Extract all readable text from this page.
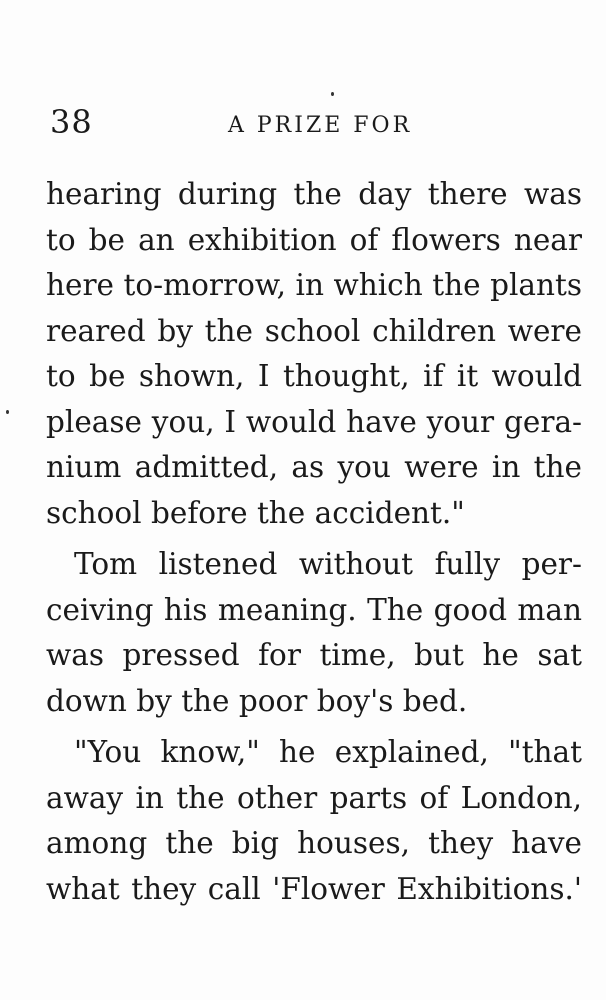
38	A PRIZE FOR
hearing during the day there was
to be an exhibition of flowers near
here to-morrow, in which the plants
reared by the school children were
to be shown, I thought, if it would
please you, I would have your gera-
nium admitted, as you were in the
school before the accident."
Tom listened without fully per-
ceiving his meaning. The good man
was pressed for time, but he sat
down by the poor boy's bed.
"You know," he explained, "that
away in the other parts of London,
among the big houses, they have
what they call 'Flower Exhibitions.'
